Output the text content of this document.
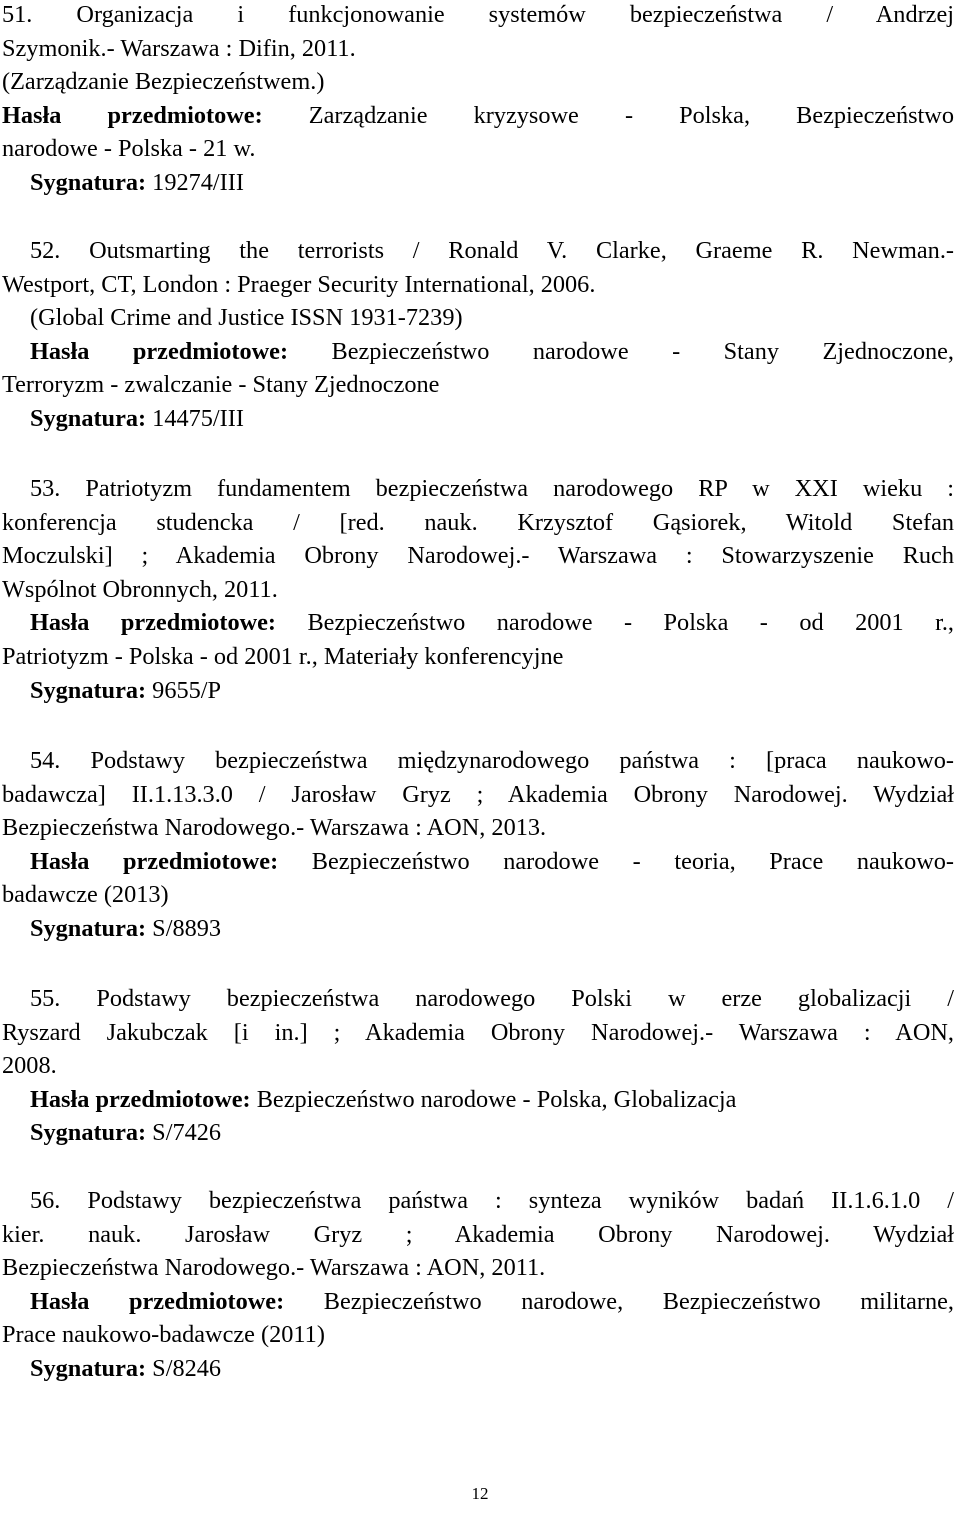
51. Organizacja i funkcjonowanie systemów bezpieczeństwa / Andrzej
Szymonik.- Warszawa : Difin, 2011.
(Zarządzanie Bezpieczeństwem.)
Hasła przedmiotowe: Zarządzanie kryzysowe - Polska, Bezpieczeństwo
narodowe - Polska - 21 w.
Sygnatura: 19274/III
52. Outsmarting the terrorists / Ronald V. Clarke, Graeme R. Newman.-
Westport, CT, London : Praeger Security International, 2006.
(Global Crime and Justice ISSN 1931-7239)
Hasła przedmiotowe: Bezpieczeństwo narodowe - Stany Zjednoczone,
Terroryzm - zwalczanie - Stany Zjednoczone
Sygnatura: 14475/III
53. Patriotyzm fundamentem bezpieczeństwa narodowego RP w XXI wieku :
konferencja studencka / [red. nauk. Krzysztof Gąsiorek, Witold Stefan
Moczulski] ; Akademia Obrony Narodowej.- Warszawa : Stowarzyszenie Ruch
Wspólnot Obronnych, 2011.
Hasła przedmiotowe: Bezpieczeństwo narodowe - Polska - od 2001 r.,
Patriotyzm - Polska - od 2001 r., Materiały konferencyjne
Sygnatura: 9655/P
54. Podstawy bezpieczeństwa międzynarodowego państwa : [praca naukowo-
badawcza] II.1.13.3.0 / Jarosław Gryz ; Akademia Obrony Narodowej. Wydział
Bezpieczeństwa Narodowego.- Warszawa : AON, 2013.
Hasła przedmiotowe: Bezpieczeństwo narodowe - teoria, Prace naukowo-
badawcze (2013)
Sygnatura: S/8893
55. Podstawy bezpieczeństwa narodowego Polski w erze globalizacji /
Ryszard Jakubczak [i in.] ; Akademia Obrony Narodowej.- Warszawa : AON,
2008.
Hasła przedmiotowe: Bezpieczeństwo narodowe - Polska, Globalizacja
Sygnatura: S/7426
56. Podstawy bezpieczeństwa państwa : synteza wyników badań II.1.6.1.0 /
kier. nauk. Jarosław Gryz ; Akademia Obrony Narodowej. Wydział
Bezpieczeństwa Narodowego.- Warszawa : AON, 2011.
Hasła przedmiotowe: Bezpieczeństwo narodowe, Bezpieczeństwo militarne,
Prace naukowo-badawcze (2011)
Sygnatura: S/8246
12
